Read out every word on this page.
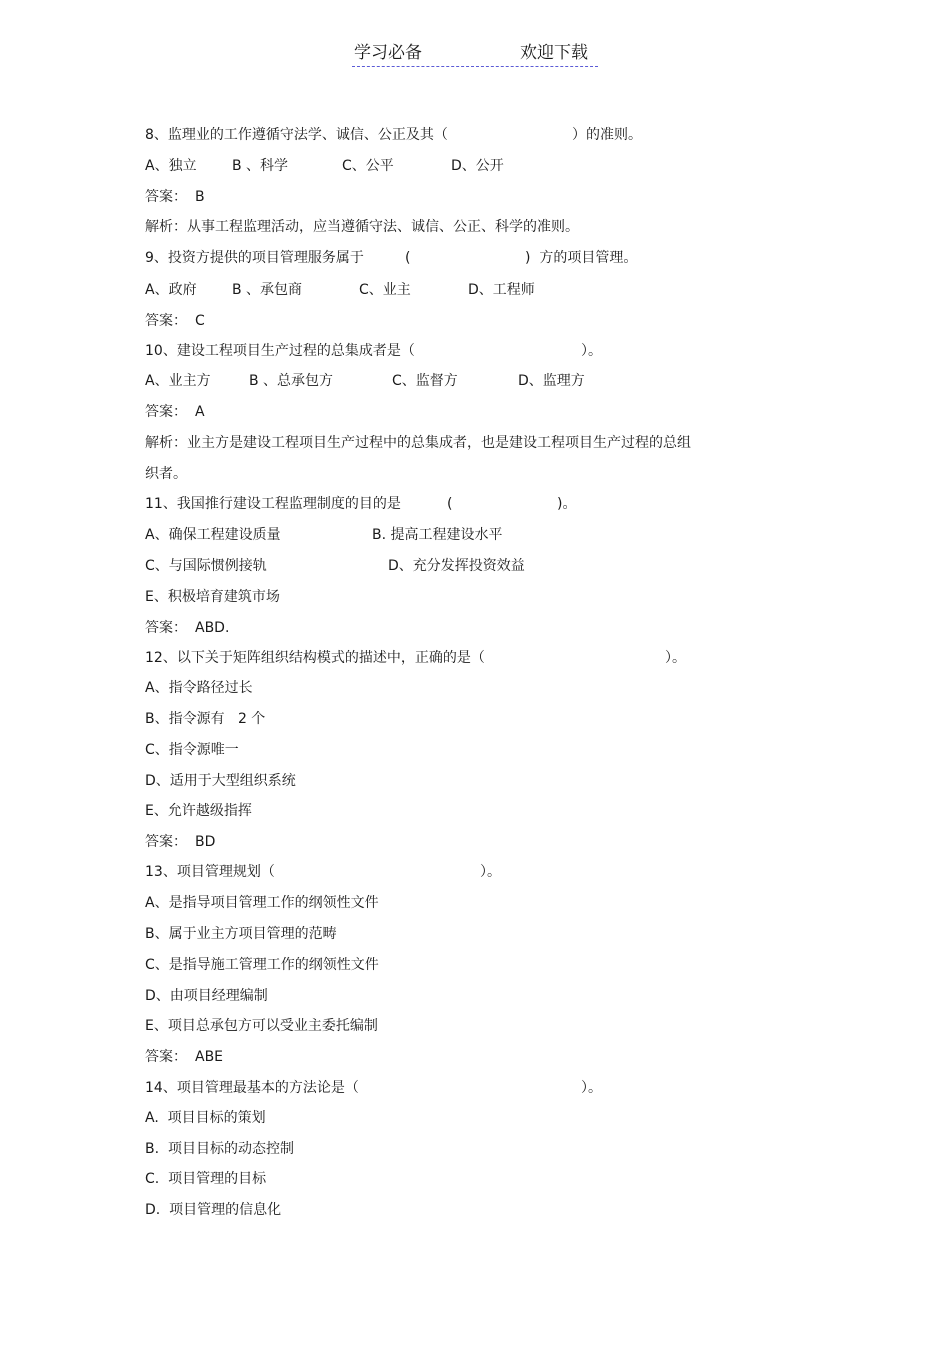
学习必备	欢迎下载

8、监理业的工作遵循守法学、诚信、公正及其（

	）的准则。

A、独立

	B 、科学

	C、公平

	D、公开

答案：

B

解析：从事工程监理活动，应当遵循守法、诚信、公正、科学的准则。

9、投资方提供的项目管理服务属于

	(

	)  方的项目管理。

A、政府

	B 、承包商

	C、业主

	D、工程师

答案：

C

10、建设工程项目生产过程的总集成者是（

	）。

A、业主方

	B 、总承包方

	C、监督方

	D、监理方

答案：

A

解析：业主方是建设工程项目生产过程中的总集成者，也是建设工程项目生产过程的总组
织者。

11、我国推行建设工程监理制度的目的是

	(

	)。

A、确保工程建设质量

	B. 提高工程建设水平

C、与国际惯例接轨

	D、充分发挥投资效益

E、积极培育建筑市场

答案：

ABD.

12、以下关于矩阵组织结构模式的描述中，正确的是（

	）。

A、指令路径过长
B、指令源有   2 个
C、指令源唯一
D、适用于大型组织系统
E、允许越级指挥

答案：

BD

13、项目管理规划（

	）。

A、是指导项目管理工作的纲领性文件
B、属于业主方项目管理的范畴
C、是指导施工管理工作的纲领性文件
D、由项目经理编制
E、项目总承包方可以受业主委托编制

答案：

ABE

14、项目管理最基本的方法论是（

	）。

A.  项目目标的策划
B.  项目目标的动态控制
C.  项目管理的目标
D.  项目管理的信息化
